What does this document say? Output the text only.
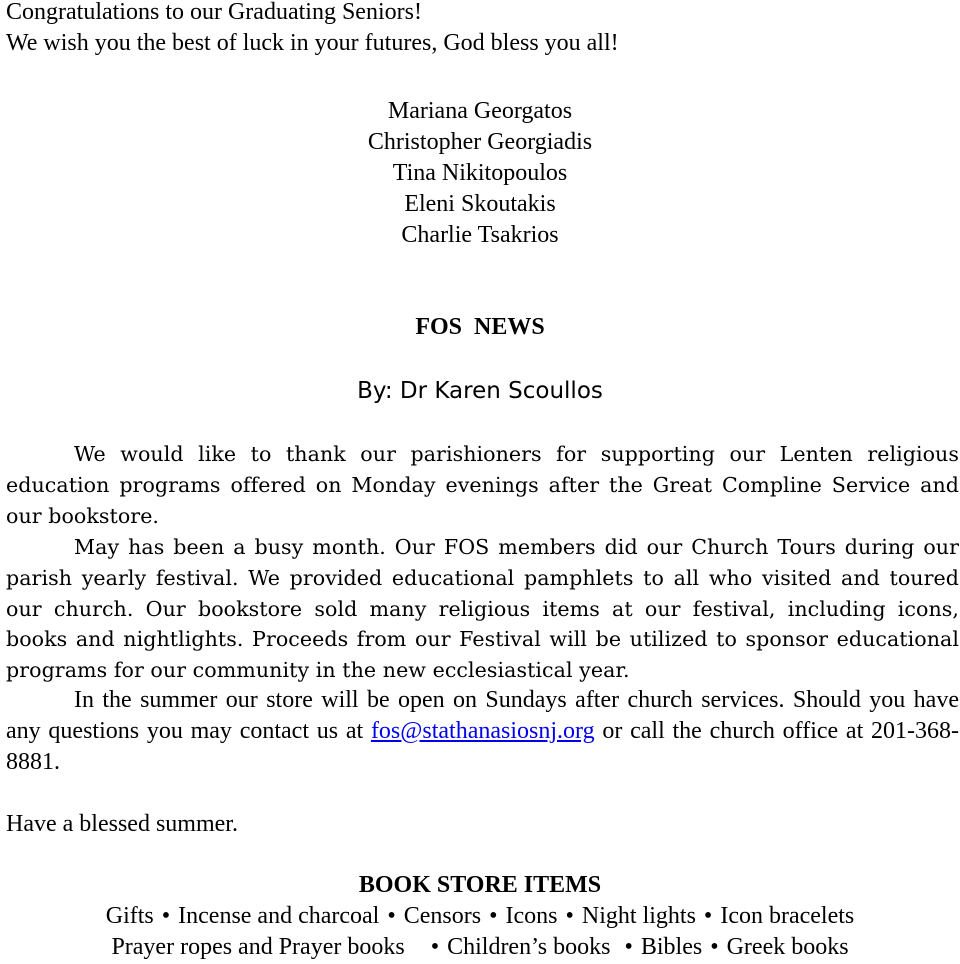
Congratulations to our Graduating Seniors!
We wish you the best of luck in your futures, God bless you all!
Mariana Georgatos
Christopher Georgiadis
Tina Nikitopoulos
Eleni Skoutakis
Charlie Tsakrios
FOS  NEWS
By: Dr Karen Scoullos
We would like to thank our parishioners for supporting our Lenten religious education programs offered on Monday evenings after the Great Compline Service and our bookstore.
May has been a busy month. Our FOS members did our Church Tours during our parish yearly festival. We provided educational pamphlets to all who visited and toured our church. Our bookstore sold many religious items at our festival, including icons, books and nightlights. Proceeds from our Festival will be utilized to sponsor educational programs for our community in the new ecclesiastical year.
In the summer our store will be open on Sundays after church services. Should you have any questions you may contact us at fos@stathanasiosnj.org or call the church office at 201-368-8881.
Have a blessed summer.
BOOK STORE ITEMS
Gifts • Incense and charcoal • Censors • Icons • Night lights • Icon bracelets
Prayer ropes and Prayer books • Children’s books • Bibles • Greek books
